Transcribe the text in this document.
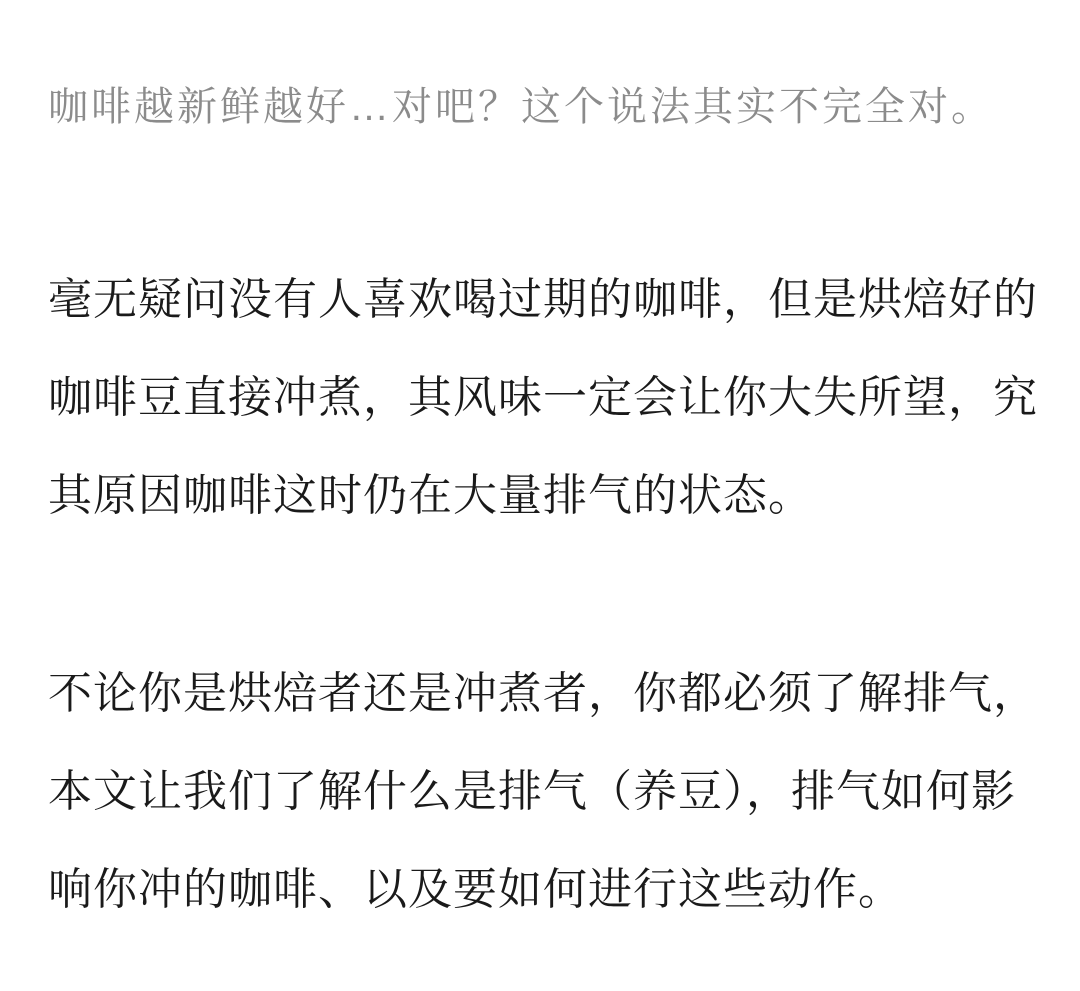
咖啡越新鲜越好…对吧？这个说法其实不完全对。
毫无疑问没有人喜欢喝过期的咖啡，但是烘焙好的
咖啡豆直接冲煮，其风味一定会让你大失所望，究
其原因咖啡这时仍在大量排气的状态。
不论你是烘焙者还是冲煮者，你都必须了解排气，
本文让我们了解什么是排气（养豆），排气如何影
响你冲的咖啡、以及要如何进行这些动作。
